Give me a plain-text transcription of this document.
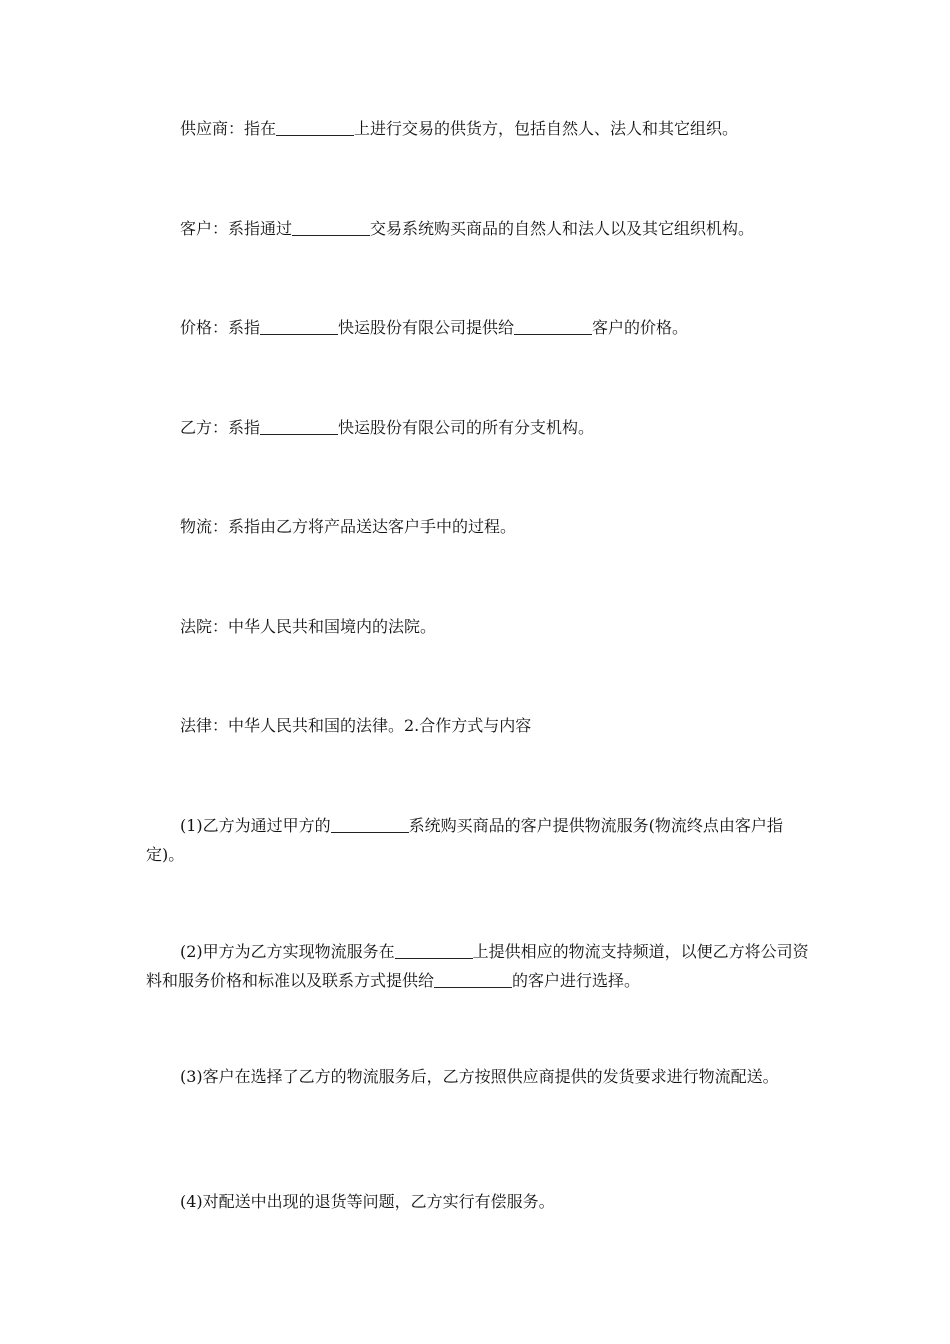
供应商：指在	上进行交易的供货方，包括自然人、法人和其它组织。

客户：系指通过	交易系统购买商品的自然人和法人以及其它组织机构。

价格：系指	快运股份有限公司提供给	客户的价格。

乙方：系指	快运股份有限公司的所有分支机构。

物流：系指由乙方将产品送达客户手中的过程。

法院：中华人民共和国境内的法院。

法律：中华人民共和国的法律。2.合作方式与内容

(1)乙方为通过甲方的	系统购买商品的客户提供物流服务(物流终点由客户指定)。

(2)甲方为乙方实现物流服务在	上提供相应的物流支持频道，以便乙方将公司资料和服务价格和标准以及联系方式提供给	的客户进行选择。

(3)客户在选择了乙方的物流服务后，乙方按照供应商提供的发货要求进行物流配送。

(4)对配送中出现的退货等问题，乙方实行有偿服务。
